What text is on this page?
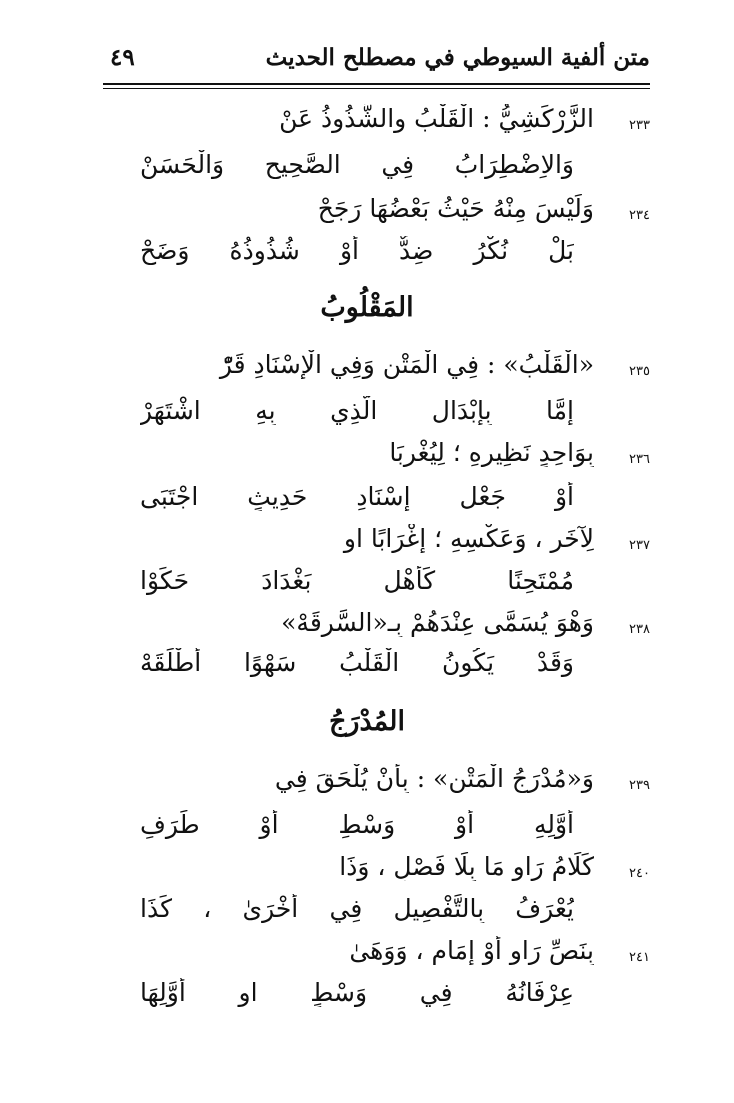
متن ألفية السيوطي في مصطلح الحديث
٤٩
٢٣٣
الزَّرْكَشِيُّ : الْقَلْبُ والشُّذُوذُ عَنْ
وَالاِضْطِرَابُ فِي الصَّحِيحِ وَالْحَسَنْ
٢٣٤
وَلَيْسَ مِنْهُ حَيْثُ بَعْضُهَا رَجَحْ
بَلْ نُكْرُ ضِدٌّ أَوْ شُذُوذُهُ وَضَحْ
المَقْلُوبُ
٢٣٥
«الْقَلْبُ» : فِي الْمَتْنِ وَفِي الْإِسْنَادِ قَرّْ
إِمَّا بِإِبْدَالِ الَّذِي بِهِ اشْتَهَرْ
٢٣٦
بِوَاحِدٍ نَظِيرِهِ ؛ لِيُغْرِبَا
أَوْ جَعْلِ إِسْنَادِ حَدِيثٍ اجْتَبَى
٢٣٧
لِآخَرٍ ، وَعَكْسِهِ ؛ إِغْرَابًا او
مُمْتَحِنًا كَأَهْلِ بَغْدَادَ حَكَوْا
٢٣٨
وَهْوَ يُسَمَّى عِنْدَهُمْ بِـ«السَّرِقَهْ»
وَقَدْ يَكُونُ الْقَلْبُ سَهْوًا أَطْلَقَهْ
المُدْرَجُ
٢٣٩
وَ«مُدْرَجُ الْمَتْنِ» : بِأَنْ يُلْحَقَ فِي
أَوَّلِهِ أَوْ وَسْطِ أَوْ طَرَفِ
٢٤٠
كَلَامُ رَاوٍ مَا بِلَا فَصْلٍ ، وَذَا
يُعْرَفُ بِالتَّفْصِيلِ فِي أُخْرَىٰ ، كَذَا
٢٤١
بِنَصِّ رَاوٍ أَوْ إِمَامٍ ، وَوَهَىٰ
عِرْفَانُهُ فِي وَسْطٍ او أَوَّلِهَا
